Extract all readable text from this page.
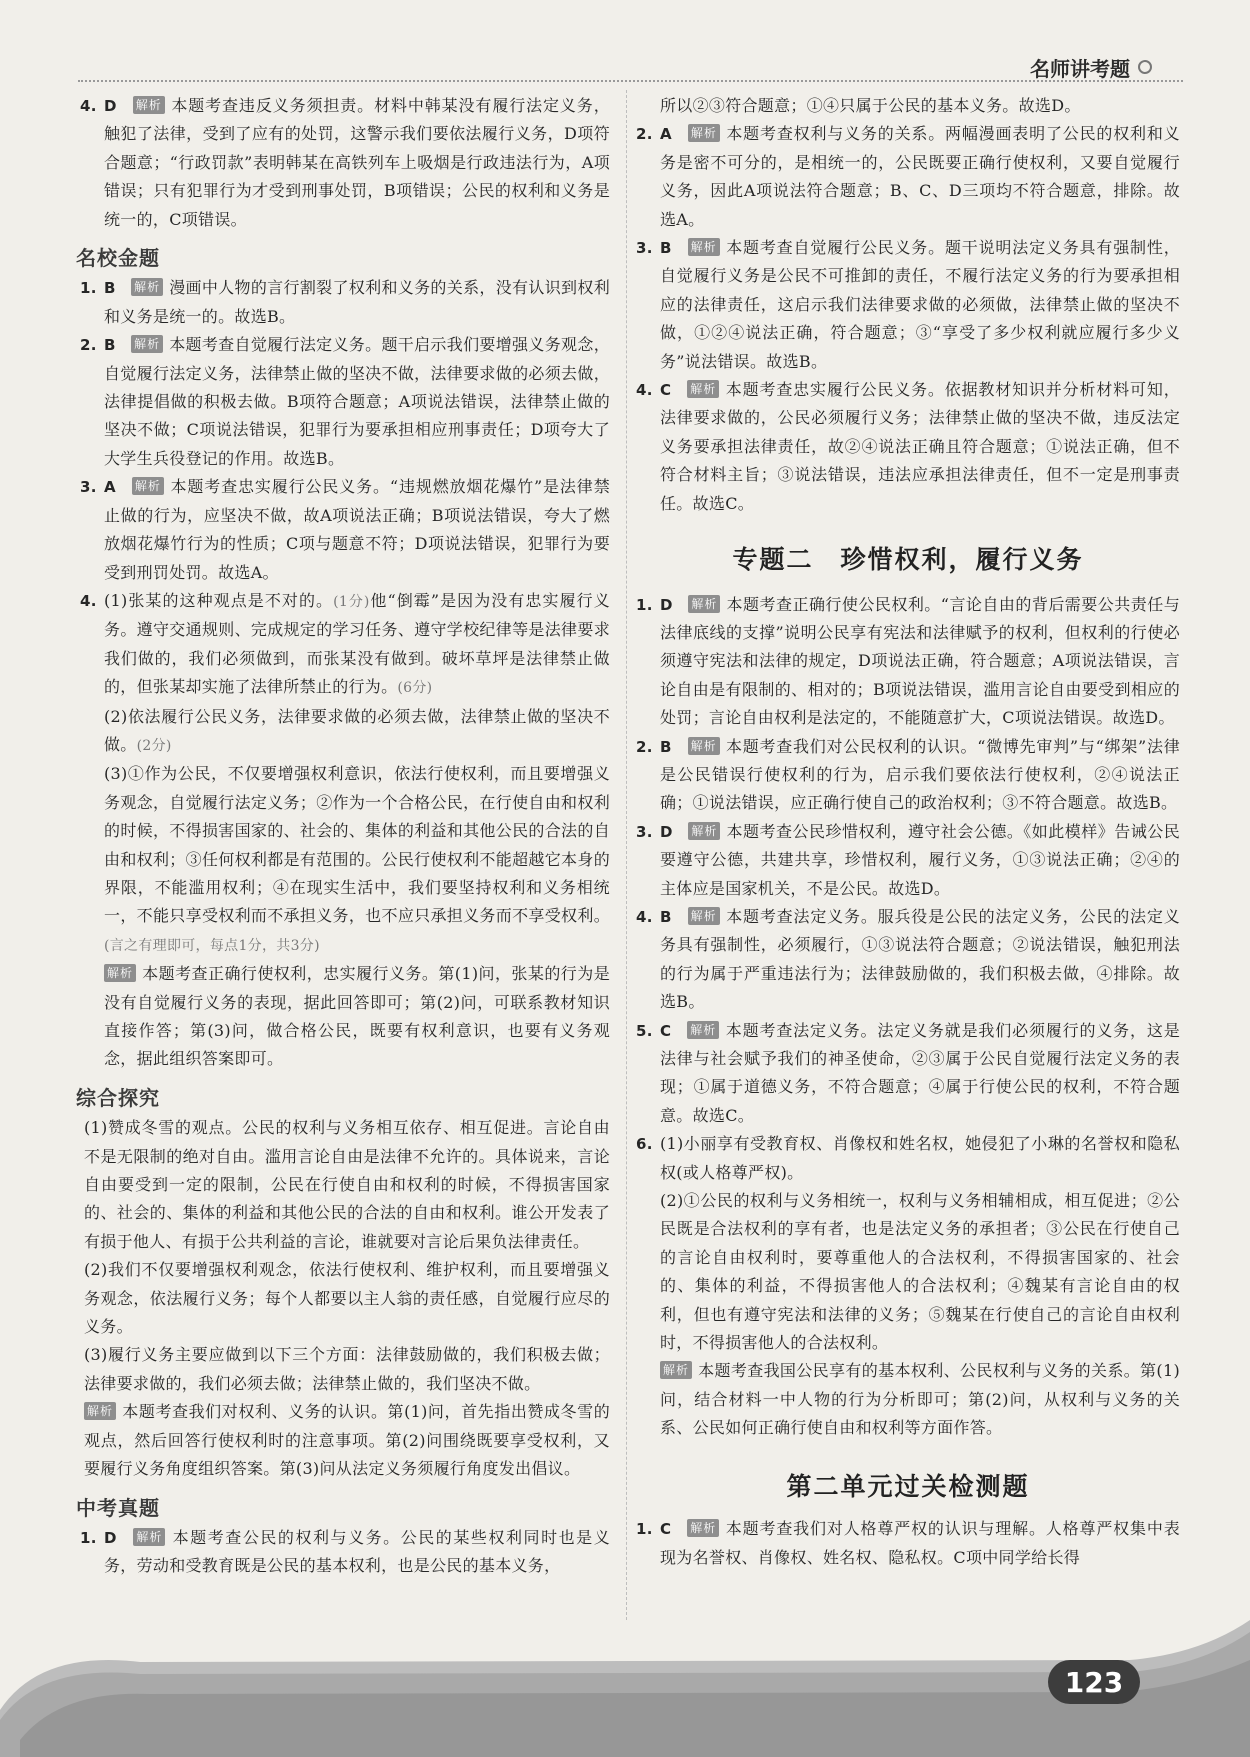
名师讲考题

4. D 解析 本题考查违反义务须担责。材料中韩某没有履行法定义务，触犯了法律，受到了应有的处罚，这警示我们要依法履行义务，D项符合题意；“行政罚款”表明韩某在高铁列车上吸烟是行政违法行为，A项错误；只有犯罪行为才受到刑事处罚，B项错误；公民的权利和义务是统一的，C项错误。

名校金题

1. B 解析 漫画中人物的言行割裂了权利和义务的关系，没有认识到权利和义务是统一的。故选B。

2. B 解析 本题考查自觉履行法定义务。题干启示我们要增强义务观念，自觉履行法定义务，法律禁止做的坚决不做，法律要求做的必须去做，法律提倡做的积极去做。B项符合题意；A项说法错误，法律禁止做的坚决不做；C项说法错误，犯罪行为要承担相应刑事责任；D项夸大了大学生兵役登记的作用。故选B。

3. A 解析 本题考查忠实履行公民义务。“违规燃放烟花爆竹”是法律禁止做的行为，应坚决不做，故A项说法正确；B项说法错误，夸大了燃放烟花爆竹行为的性质；C项与题意不符；D项说法错误，犯罪行为要受到刑罚处罚。故选A。

4. (1)张某的这种观点是不对的。(1分)他“倒霉”是因为没有忠实履行义务。遵守交通规则、完成规定的学习任务、遵守学校纪律等是法律要求我们做的，我们必须做到，而张某没有做到。破坏草坪是法律禁止做的，但张某却实施了法律所禁止的行为。(6分)

(2)依法履行公民义务，法律要求做的必须去做，法律禁止做的坚决不做。(2分)

(3)①作为公民，不仅要增强权利意识，依法行使权利，而且要增强义务观念，自觉履行法定义务；②作为一个合格公民，在行使自由和权利的时候，不得损害国家的、社会的、集体的利益和其他公民的合法的自由和权利；③任何权利都是有范围的。公民行使权利不能超越它本身的界限，不能滥用权利；④在现实生活中，我们要坚持权利和义务相统一，不能只享受权利而不承担义务，也不应只承担义务而不享受权利。(言之有理即可，每点1分，共3分)

解析 本题考查正确行使权利，忠实履行义务。第(1)问，张某的行为是没有自觉履行义务的表现，据此回答即可；第(2)问，可联系教材知识直接作答；第(3)问，做合格公民，既要有权利意识，也要有义务观念，据此组织答案即可。

综合探究

(1)赞成冬雪的观点。公民的权利与义务相互依存、相互促进。言论自由不是无限制的绝对自由。滥用言论自由是法律不允许的。具体说来，言论自由要受到一定的限制，公民在行使自由和权利的时候，不得损害国家的、社会的、集体的利益和其他公民的合法的自由和权利。谁公开发表了有损于他人、有损于公共利益的言论，谁就要对言论后果负法律责任。

(2)我们不仅要增强权利观念，依法行使权利、维护权利，而且要增强义务观念，依法履行义务；每个人都要以主人翁的责任感，自觉履行应尽的义务。

(3)履行义务主要应做到以下三个方面：法律鼓励做的，我们积极去做；法律要求做的，我们必须去做；法律禁止做的，我们坚决不做。

解析 本题考查我们对权利、义务的认识。第(1)问，首先指出赞成冬雪的观点，然后回答行使权利时的注意事项。第(2)问围绕既要享受权利，又要履行义务角度组织答案。第(3)问从法定义务须履行角度发出倡议。

中考真题

1. D 解析 本题考查公民的权利与义务。公民的某些权利同时也是义务，劳动和受教育既是公民的基本权利，也是公民的基本义务，

所以②③符合题意；①④只属于公民的基本义务。故选D。

2. A 解析 本题考查权利与义务的关系。两幅漫画表明了公民的权利和义务是密不可分的，是相统一的，公民既要正确行使权利，又要自觉履行义务，因此A项说法符合题意；B、C、D三项均不符合题意，排除。故选A。

3. B 解析 本题考查自觉履行公民义务。题干说明法定义务具有强制性，自觉履行义务是公民不可推卸的责任，不履行法定义务的行为要承担相应的法律责任，这启示我们法律要求做的必须做，法律禁止做的坚决不做，①②④说法正确，符合题意；③“享受了多少权利就应履行多少义务”说法错误。故选B。

4. C 解析 本题考查忠实履行公民义务。依据教材知识并分析材料可知，法律要求做的，公民必须履行义务；法律禁止做的坚决不做，违反法定义务要承担法律责任，故②④说法正确且符合题意；①说法正确，但不符合材料主旨；③说法错误，违法应承担法律责任，但不一定是刑事责任。故选C。

专题二　珍惜权利，履行义务

1. D 解析 本题考查正确行使公民权利。“言论自由的背后需要公共责任与法律底线的支撑”说明公民享有宪法和法律赋予的权利，但权利的行使必须遵守宪法和法律的规定，D项说法正确，符合题意；A项说法错误，言论自由是有限制的、相对的；B项说法错误，滥用言论自由要受到相应的处罚；言论自由权利是法定的，不能随意扩大，C项说法错误。故选D。

2. B 解析 本题考查我们对公民权利的认识。“微博先审判”与“绑架”法律是公民错误行使权利的行为，启示我们要依法行使权利，②④说法正确；①说法错误，应正确行使自己的政治权利；③不符合题意。故选B。

3. D 解析 本题考查公民珍惜权利，遵守社会公德。《如此模样》告诫公民要遵守公德，共建共享，珍惜权利，履行义务，①③说法正确；②④的主体应是国家机关，不是公民。故选D。

4. B 解析 本题考查法定义务。服兵役是公民的法定义务，公民的法定义务具有强制性，必须履行，①③说法符合题意；②说法错误，触犯刑法的行为属于严重违法行为；法律鼓励做的，我们积极去做，④排除。故选B。

5. C 解析 本题考查法定义务。法定义务就是我们必须履行的义务，这是法律与社会赋予我们的神圣使命，②③属于公民自觉履行法定义务的表现；①属于道德义务，不符合题意；④属于行使公民的权利，不符合题意。故选C。

6. (1)小丽享有受教育权、肖像权和姓名权，她侵犯了小琳的名誉权和隐私权(或人格尊严权)。

(2)①公民的权利与义务相统一，权利与义务相辅相成，相互促进；②公民既是合法权利的享有者，也是法定义务的承担者；③公民在行使自己的言论自由权利时，要尊重他人的合法权利，不得损害国家的、社会的、集体的利益，不得损害他人的合法权利；④魏某有言论自由的权利，但也有遵守宪法和法律的义务；⑤魏某在行使自己的言论自由权利时，不得损害他人的合法权利。

解析 本题考查我国公民享有的基本权利、公民权利与义务的关系。第(1)问，结合材料一中人物的行为分析即可；第(2)问，从权利与义务的关系、公民如何正确行使自由和权利等方面作答。

第二单元过关检测题

1. C 解析 本题考查我们对人格尊严权的认识与理解。人格尊严权集中表现为名誉权、肖像权、姓名权、隐私权。C项中同学给长得

123
